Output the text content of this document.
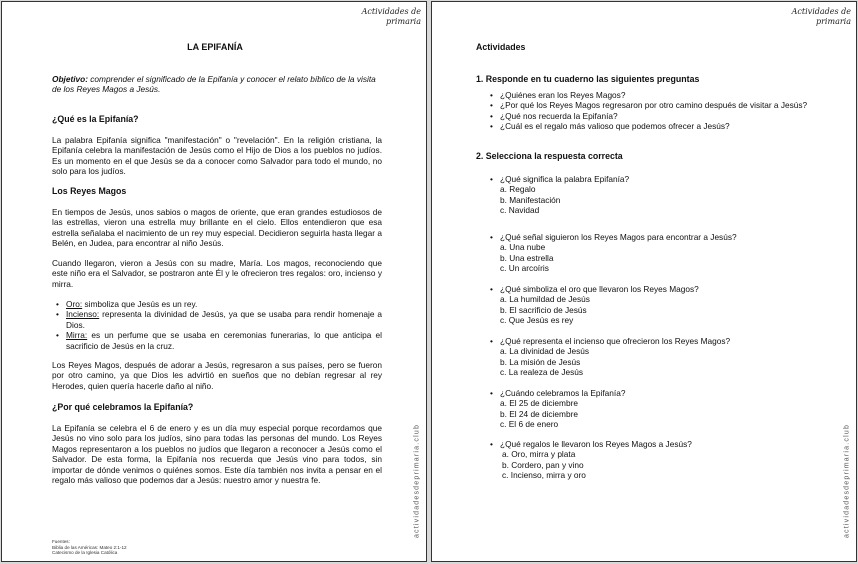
Actividades de
primaria
LA EPIFANÍA

Objetivo: comprender el significado de la Epifanía y conocer el relato bíblico de la visita de los Reyes Magos a Jesús.

¿Qué es la Epifanía?

La palabra Epifanía significa "manifestación" o "revelación". En la religión cristiana, la Epifanía celebra la manifestación de Jesús como el Hijo de Dios a los pueblos no judíos. Es un momento en el que Jesús se da a conocer como Salvador para todo el mundo, no solo para los judíos.

Los Reyes Magos

En tiempos de Jesús, unos sabios o magos de oriente, que eran grandes estudiosos de las estrellas, vieron una estrella muy brillante en el cielo. Ellos entendieron que esa estrella señalaba el nacimiento de un rey muy especial. Decidieron seguirla hasta llegar a Belén, en Judea, para encontrar al niño Jesús.

Cuando llegaron, vieron a Jesús con su madre, María. Los magos, reconociendo que este niño era el Salvador, se postraron ante Él y le ofrecieron tres regalos: oro, incienso y mirra.

• Oro: simboliza que Jesús es un rey.
• Incienso: representa la divinidad de Jesús, ya que se usaba para rendir homenaje a Dios.
• Mirra: es un perfume que se usaba en ceremonias funerarias, lo que anticipa el sacrificio de Jesús en la cruz.

Los Reyes Magos, después de adorar a Jesús, regresaron a sus países, pero se fueron por otro camino, ya que Dios les advirtió en sueños que no debían regresar al rey Herodes, quien quería hacerle daño al niño.

¿Por qué celebramos la Epifanía?

La Epifanía se celebra el 6 de enero y es un día muy especial porque recordamos que Jesús no vino solo para los judíos, sino para todas las personas del mundo. Los Reyes Magos representaron a los pueblos no judíos que llegaron a reconocer a Jesús como el Salvador. De esta forma, la Epifanía nos recuerda que Jesús vino para todos, sin importar de dónde venimos o quiénes somos. Este día también nos invita a pensar en el regalo más valioso que podemos dar a Jesús: nuestro amor y nuestra fe.

Fuentes:
Biblia de las Américas: Mateo 2:1-12
Catecismo de la Iglesia Católica
actividadesdeprimaria.club
Actividades de
primaria
Actividades
1. Responde en tu cuaderno las siguientes preguntas
• ¿Quiénes eran los Reyes Magos?
• ¿Por qué los Reyes Magos regresaron por otro camino después de visitar a Jesús?
• ¿Qué nos recuerda la Epifanía?
• ¿Cuál es el regalo más valioso que podemos ofrecer a Jesús?
2. Selecciona la respuesta correcta
• ¿Qué significa la palabra Epifanía?
a. Regalo
b. Manifestación
c. Navidad
• ¿Qué señal siguieron los Reyes Magos para encontrar a Jesús?
a. Una nube
b. Una estrella
c. Un arcoíris
• ¿Qué simboliza el oro que llevaron los Reyes Magos?
a. La humildad de Jesús
b. El sacrificio de Jesús
c. Que Jesús es rey
• ¿Qué representa el incienso que ofrecieron los Reyes Magos?
a. La divinidad de Jesús
b. La misión de Jesús
c. La realeza de Jesús
• ¿Cuándo celebramos la Epifanía?
a. El 25 de diciembre
b. El 24 de diciembre
c. El 6 de enero
• ¿Qué regalos le llevaron los Reyes Magos a Jesús?
a. Oro, mirra y plata
b. Cordero, pan y vino
c. Incienso, mirra y oro	actividadesdeprimaria.club
